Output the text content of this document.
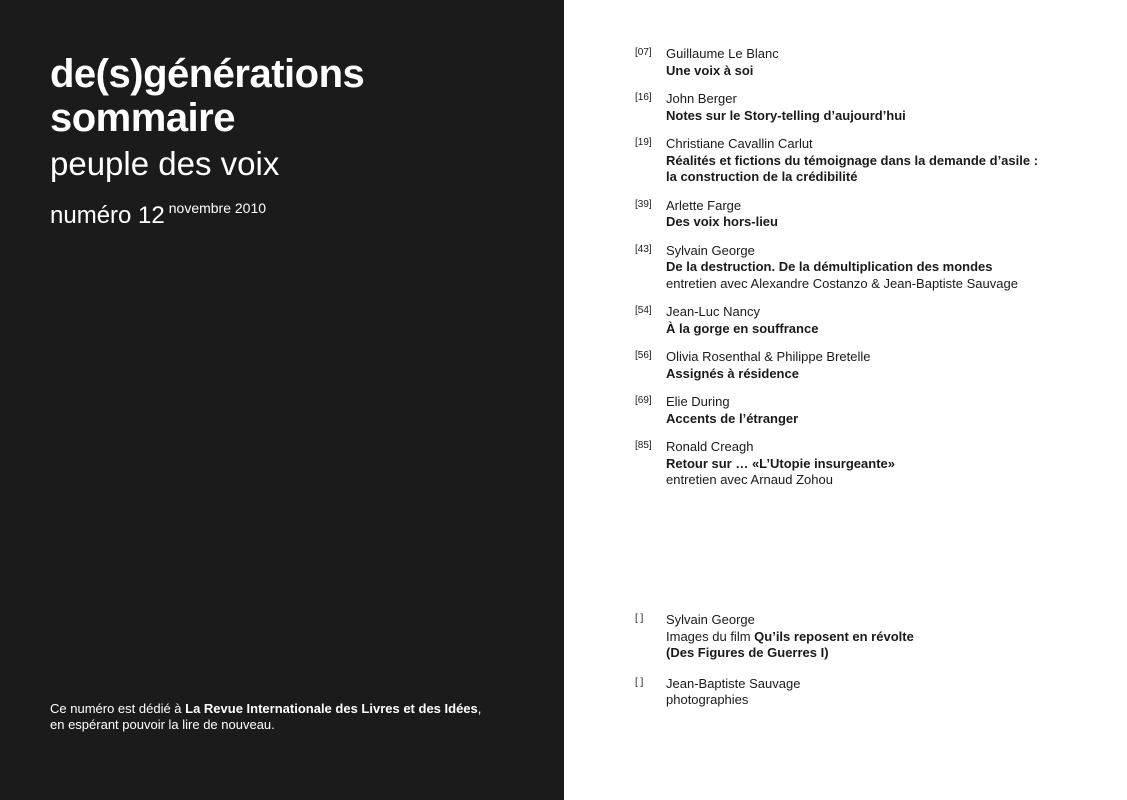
de(s)générations
sommaire
peuple des voix
numéro 12 $^{novembre 2010}$
Ce numéro est dédié à La Revue Internationale des Livres et des Idées,
en espérant pouvoir la lire de nouveau.
[07] Guillaume Le Blanc
Une voix à soi
[16] John Berger
Notes sur le Story-telling d’aujourd’hui
[19] Christiane Cavallin Carlut
Réalités et fictions du témoignage dans la demande d’asile :
la construction de la crédibilité
[39] Arlette Farge
Des voix hors-lieu
[43] Sylvain George
De la destruction. De la démultiplication des mondes
entretien avec Alexandre Costanzo & Jean-Baptiste Sauvage
[54] Jean-Luc Nancy
À la gorge en souffrance
[56] Olivia Rosenthal & Philippe Bretelle
Assignés à résidence
[69] Elie During
Accents de l’étranger
[85] Ronald Creagh
Retour sur … «L’Utopie insurgeante»
entretien avec Arnaud Zohou
[ ] Sylvain George
Images du film Qu’ils reposent en révolte
(Des Figures de Guerres I)
[ ] Jean-Baptiste Sauvage
photographies
